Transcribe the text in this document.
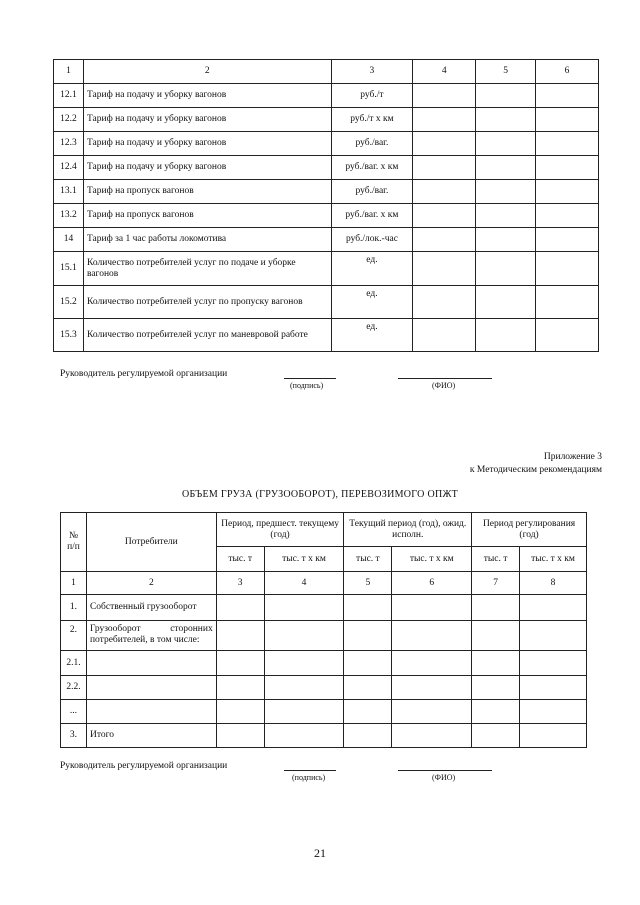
1	2	3	4	5	6
12.1	Тариф на подачу и уборку вагонов	руб./т			
12.2	Тариф на подачу и уборку вагонов	руб./т х км			
12.3	Тариф на подачу и уборку вагонов	руб./ваг.			
12.4	Тариф на подачу и уборку вагонов	руб./ваг. х км			
13.1	Тариф на пропуск вагонов	руб./ваг.			
13.2	Тариф на пропуск вагонов	руб./ваг. х км			
14	Тариф за 1 час работы локомотива	руб./лок.-час			
15.1	Количество потребителей услуг по подаче и уборке вагонов	ед.			
15.2	Количество потребителей услуг по пропуску вагонов	ед.			
15.3	Количество потребителей услуг по маневровой работе	ед.			
Руководитель регулируемой организации
(подпись)	(ФИО)
Приложение 3
к Методическим рекомендациям
ОБЪЕМ ГРУЗА (ГРУЗООБОРОТ), ПЕРЕВОЗИМОГО ОПЖТ
№ п/п	Потребители	Период, предшест. текущему (год)		Текущий период (год), ожид. исполн.		Период регулирования (год)	
		тыс. т	тыс. т х км	тыс. т	тыс. т х км	тыс. т	тыс. т х км
1	2	3	4	5	6	7	8
1.	Собственный грузооборот						
2.	Грузооборот сторонних потребителей, в том числе:						
2.1.							
2.2.							
...							
3.	Итого						
Руководитель регулируемой организации
(подпись)	(ФИО)
21
